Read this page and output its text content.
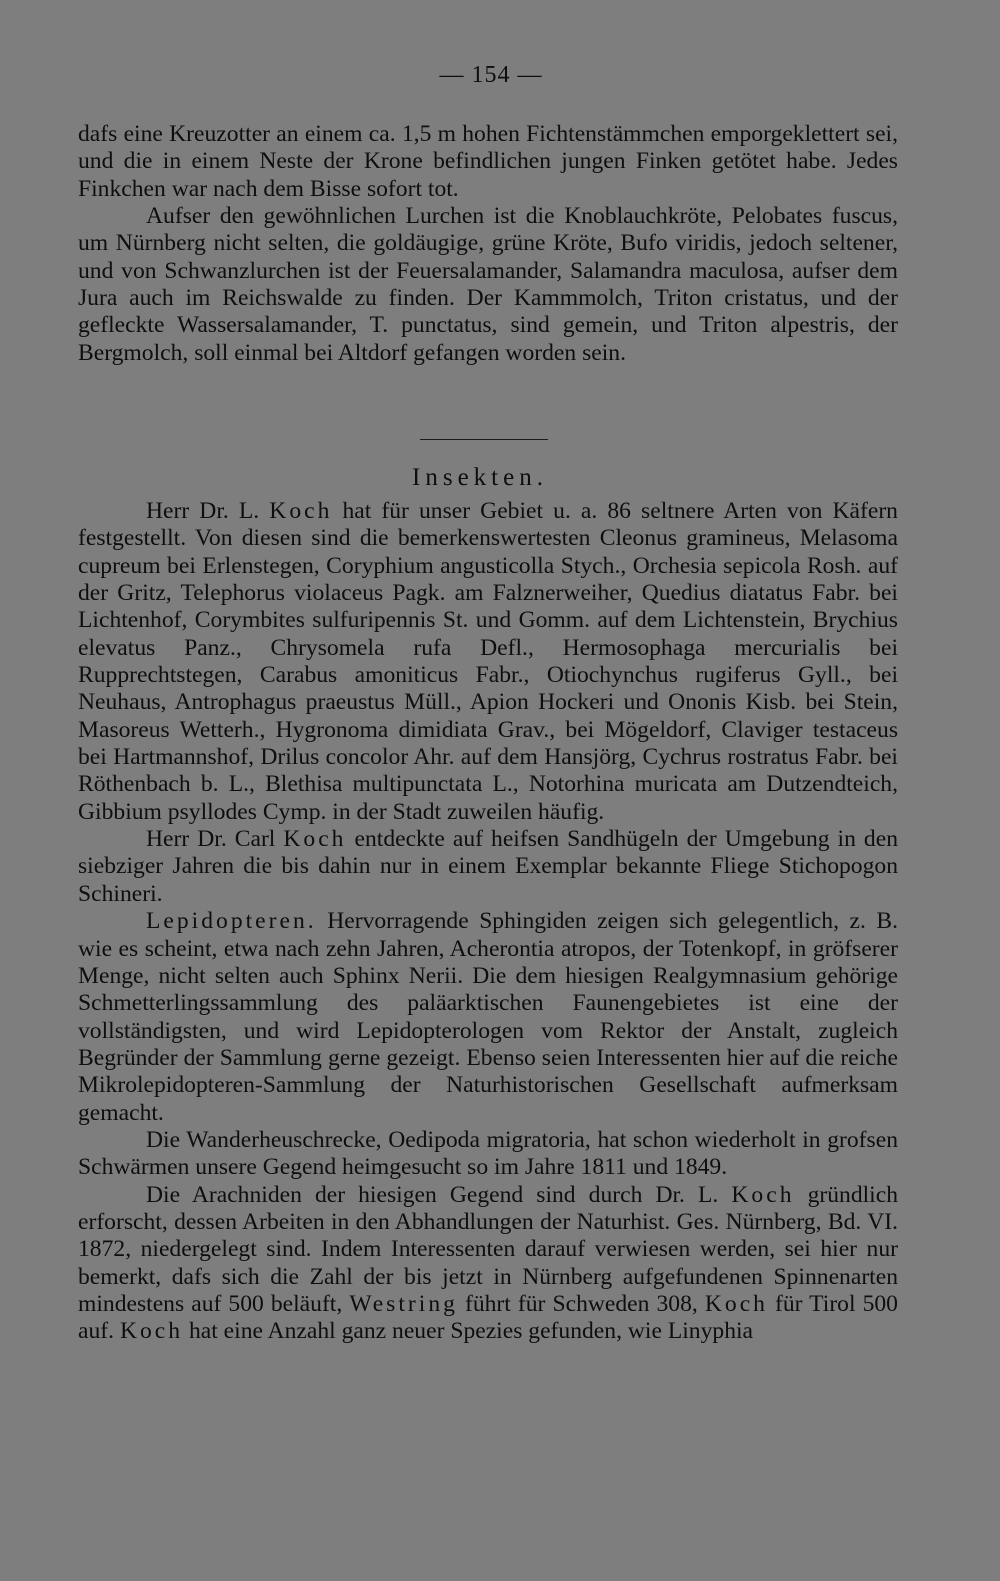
— 154 —

dafs eine Kreuzotter an einem ca. 1,5 m hohen Fichtenstämmchen emporgeklettert sei, und die in einem Neste der Krone befindlichen jungen Finken getötet habe. Jedes Finkchen war nach dem Bisse sofort tot.

Aufser den gewöhnlichen Lurchen ist die Knoblauchkröte, Pelobates fuscus, um Nürnberg nicht selten, die goldäugige, grüne Kröte, Bufo viridis, jedoch seltener, und von Schwanzlurchen ist der Feuersalamander, Salamandra maculosa, aufser dem Jura auch im Reichswalde zu finden. Der Kammmolch, Triton cristatus, und der gefleckte Wassersalamander, T. punctatus, sind gemein, und Triton alpestris, der Bergmolch, soll einmal bei Altdorf gefangen worden sein.

Insekten.

Herr Dr. L. Koch hat für unser Gebiet u. a. 86 seltnere Arten von Käfern festgestellt. Von diesen sind die bemerkenswertesten Cleonus gramineus, Melasoma cupreum bei Erlenstegen, Coryphium angusticolla Stych., Orchesia sepicola Rosh. auf der Gritz, Telephorus violaceus Pagk. am Falznerweiher, Quedius diatatus Fabr. bei Lichtenhof, Corymbites sulfuripennis St. und Gomm. auf dem Lichtenstein, Brychius elevatus Panz., Chrysomela rufa Defl., Hermosophaga mercurialis bei Rupprechtstegen, Carabus amoniticus Fabr., Otiochynchus rugiferus Gyll., bei Neuhaus, Antrophagus praeustus Müll., Apion Hockeri und Ononis Kisb. bei Stein, Masoreus Wetterh., Hygronoma dimidiata Grav., bei Mögeldorf, Claviger testaceus bei Hartmannshof, Drilus concolor Ahr. auf dem Hansjörg, Cychrus rostratus Fabr. bei Röthenbach b. L., Blethisa multipunctata L., Notorhina muricata am Dutzendteich, Gibbium psyllodes Cymp. in der Stadt zuweilen häufig.

Herr Dr. Carl Koch entdeckte auf heifsen Sandhügeln der Umgebung in den siebziger Jahren die bis dahin nur in einem Exemplar bekannte Fliege Stichopogon Schineri.

Lepidopteren. Hervorragende Sphingiden zeigen sich gelegentlich, z. B. wie es scheint, etwa nach zehn Jahren, Acherontia atropos, der Totenkopf, in gröfserer Menge, nicht selten auch Sphinx Nerii. Die dem hiesigen Realgymnasium gehörige Schmetterlingssammlung des paläarktischen Faunengebietes ist eine der vollständigsten, und wird Lepidopterologen vom Rektor der Anstalt, zugleich Begründer der Sammlung gerne gezeigt. Ebenso seien Interessenten hier auf die reiche Mikrolepidopteren-Sammlung der Naturhistorischen Gesellschaft aufmerksam gemacht.

Die Wanderheuschrecke, Oedipoda migratoria, hat schon wiederholt in grofsen Schwärmen unsere Gegend heimgesucht so im Jahre 1811 und 1849.

Die Arachniden der hiesigen Gegend sind durch Dr. L. Koch gründlich erforscht, dessen Arbeiten in den Abhandlungen der Naturhist. Ges. Nürnberg, Bd. VI. 1872, niedergelegt sind. Indem Interessenten darauf verwiesen werden, sei hier nur bemerkt, dafs sich die Zahl der bis jetzt in Nürnberg aufgefundenen Spinnenarten mindestens auf 500 beläuft, Westring führt für Schweden 308, Koch für Tirol 500 auf. Koch hat eine Anzahl ganz neuer Spezies gefunden, wie Linyphia
